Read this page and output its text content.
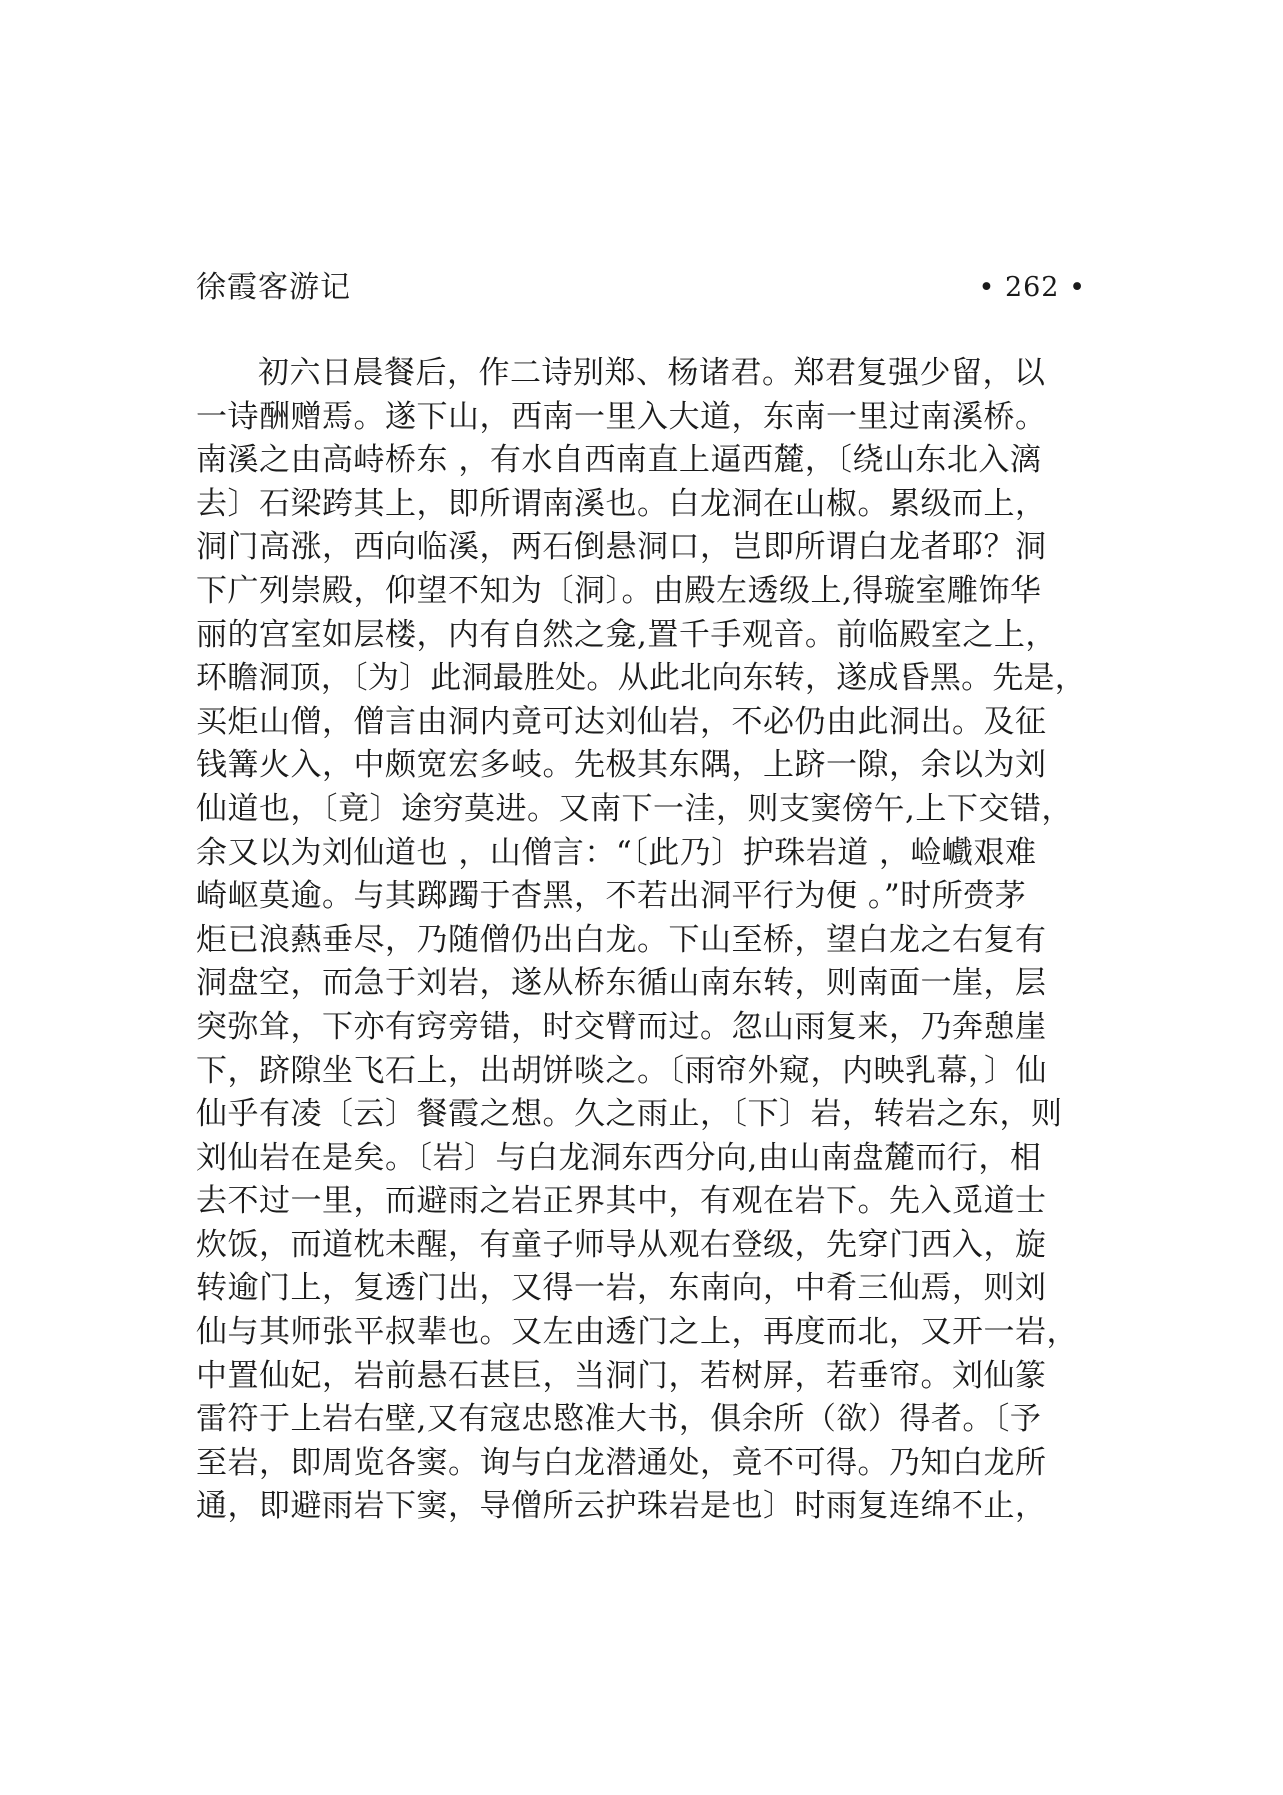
徐霞客游记	• 262 •
初六日晨餐后，作二诗别郑、杨诸君。郑君复强少留，以
一诗酬赠焉。遂下山，西南一里入大道，东南一里过南溪桥。
南溪之由高峙桥东 ，有水自西南直上逼西麓，〔绕山东北入漓
去〕石梁跨其上，即所谓南溪也。白龙洞在山椒。累级而上，
洞门高涨，西向临溪，两石倒悬洞口，岂即所谓白龙者耶？洞
下广列崇殿，仰望不知为〔洞〕。由殿左透级上,得璇室雕饰华
丽的宫室如层楼，内有自然之龛,置千手观音。前临殿室之上，
环瞻洞顶，〔为〕此洞最胜处。从此北向东转，遂成昏黑。先是，
买炬山僧，僧言由洞内竟可达刘仙岩，不必仍由此洞出。及征
钱篝火入，中颇宽宏多岐。先极其东隅，上跻一隙，余以为刘
仙道也，〔竟〕途穷莫进。又南下一洼，则支窦傍午,上下交错，
余又以为刘仙道也 ，山僧言：“〔此乃〕护珠岩道 ，崄巇艰难
崎岖莫逾。与其踯躅于杳黑，不若出洞平行为便 。”时所赍茅
炬已浪爇垂尽，乃随僧仍出白龙。下山至桥，望白龙之右复有
洞盘空，而急于刘岩，遂从桥东循山南东转，则南面一崖，层
突弥耸，下亦有窍旁错，时交臂而过。忽山雨复来，乃奔憩崖
下，跻隙坐飞石上，出胡饼啖之。〔雨帘外窥，内映乳幕，〕仙
仙乎有凌〔云〕餐霞之想。久之雨止，〔下〕岩，转岩之东，则
刘仙岩在是矣。〔岩〕与白龙洞东西分向,由山南盘麓而行，相
去不过一里，而避雨之岩正界其中，有观在岩下。先入觅道士
炊饭，而道枕未醒，有童子师导从观右登级，先穿门西入，旋
转逾门上，复透门出，又得一岩，东南向，中肴三仙焉，则刘
仙与其师张平叔辈也。又左由透门之上，再度而北，又开一岩，
中置仙妃，岩前悬石甚巨，当洞门，若树屏，若垂帘。刘仙篆
雷符于上岩右壁,又有寇忠愍准大书，俱余所（欲）得者。〔予
至岩，即周览各窦。询与白龙潜通处，竟不可得。乃知白龙所
通，即避雨岩下窦，导僧所云护珠岩是也〕时雨复连绵不止，
